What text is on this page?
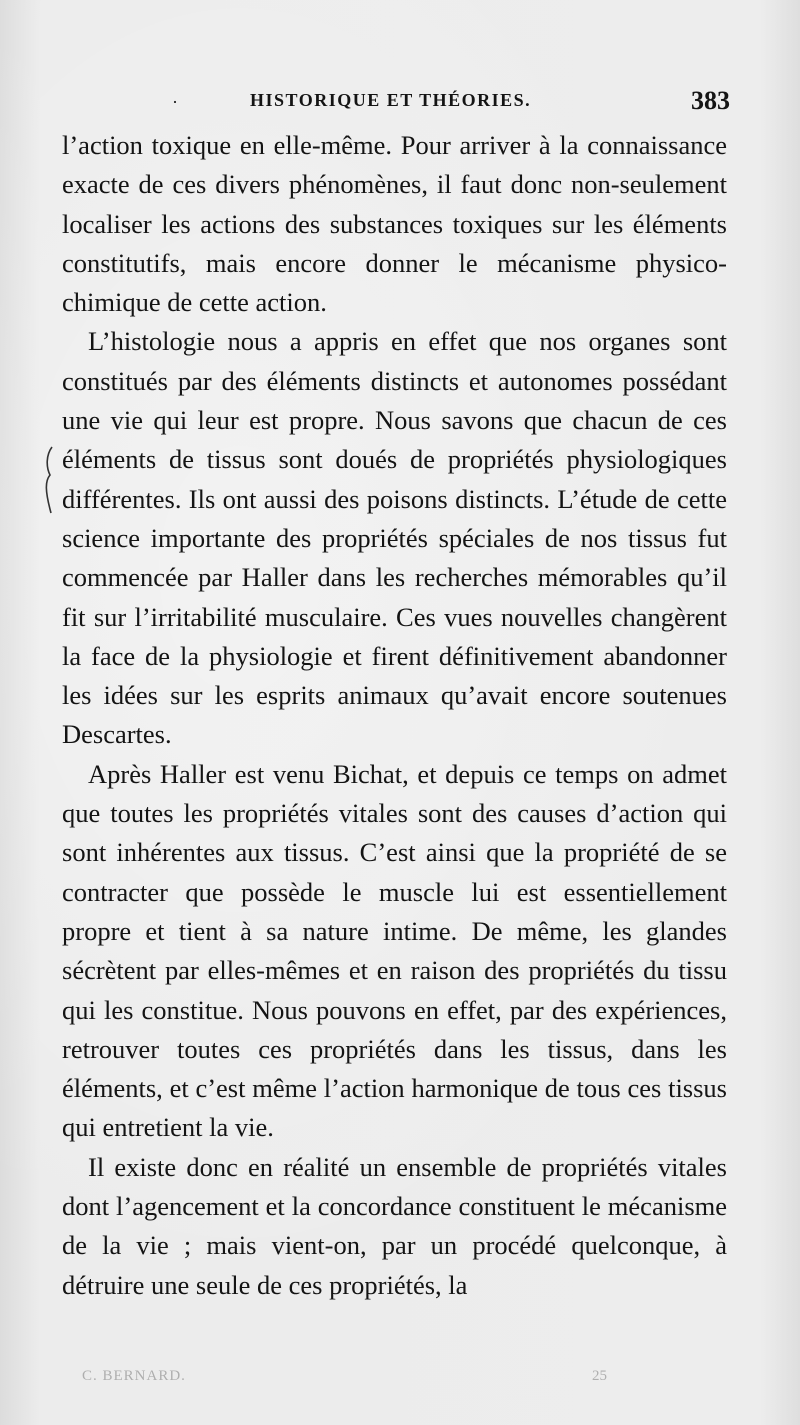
·	HISTORIQUE ET THÉORIES.	383

l’action toxique en elle-même. Pour arriver à la connaissance exacte de ces divers phénomènes, il faut donc non-seulement localiser les actions des substances toxiques sur les éléments constitutifs, mais encore donner le mécanisme physico-chimique de cette action.

L’histologie nous a appris en effet que nos organes sont constitués par des éléments distincts et autonomes possédant une vie qui leur est propre. Nous savons que chacun de ces éléments de tissus sont doués de propriétés physiologiques différentes. Ils ont aussi des poisons distincts. L’étude de cette science importante des propriétés spéciales de nos tissus fut commencée par Haller dans les recherches mémorables qu’il fit sur l’irritabilité musculaire. Ces vues nouvelles changèrent la face de la physiologie et firent définitivement abandonner les idées sur les esprits animaux qu’avait encore soutenues Descartes.

Après Haller est venu Bichat, et depuis ce temps on admet que toutes les propriétés vitales sont des causes d’action qui sont inhérentes aux tissus. C’est ainsi que la propriété de se contracter que possède le muscle lui est essentiellement propre et tient à sa nature intime. De même, les glandes sécrètent par elles-mêmes et en raison des propriétés du tissu qui les constitue. Nous pouvons en effet, par des expériences, retrouver toutes ces propriétés dans les tissus, dans les éléments, et c’est même l’action harmonique de tous ces tissus qui entretient la vie.

Il existe donc en réalité un ensemble de propriétés vitales dont l’agencement et la concordance constituent le mécanisme de la vie ; mais vient-on, par un procédé quelconque, à détruire une seule de ces propriétés, la

C. BERNARD.	25
